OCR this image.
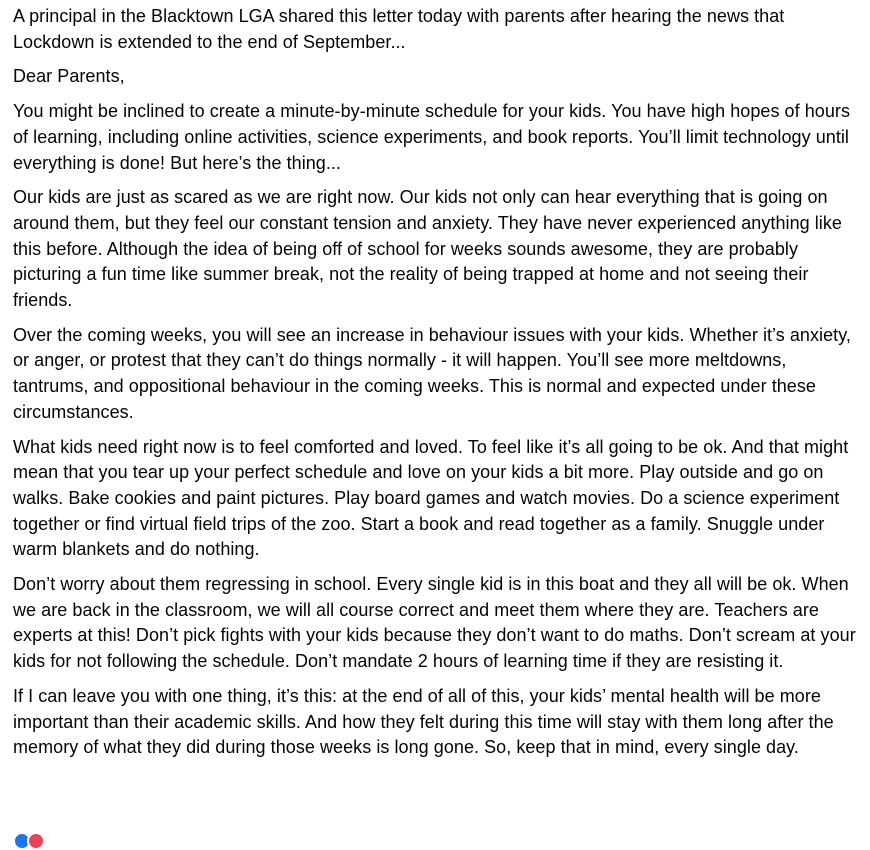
A principal in the Blacktown LGA shared this letter today with parents after hearing the news that Lockdown is extended to the end of September...

Dear Parents,

You might be inclined to create a minute-by-minute schedule for your kids. You have high hopes of hours of learning, including online activities, science experiments, and book reports. You’ll limit technology until everything is done! But here’s the thing...

Our kids are just as scared as we are right now. Our kids not only can hear everything that is going on around them, but they feel our constant tension and anxiety. They have never experienced anything like this before. Although the idea of being off of school for weeks sounds awesome, they are probably picturing a fun time like summer break, not the reality of being trapped at home and not seeing their friends.

Over the coming weeks, you will see an increase in behaviour issues with your kids. Whether it’s anxiety, or anger, or protest that they can’t do things normally - it will happen. You’ll see more meltdowns, tantrums, and oppositional behaviour in the coming weeks. This is normal and expected under these circumstances.

What kids need right now is to feel comforted and loved. To feel like it’s all going to be ok. And that might mean that you tear up your perfect schedule and love on your kids a bit more. Play outside and go on walks. Bake cookies and paint pictures. Play board games and watch movies. Do a science experiment together or find virtual field trips of the zoo. Start a book and read together as a family. Snuggle under warm blankets and do nothing.

Don’t worry about them regressing in school. Every single kid is in this boat and they all will be ok. When we are back in the classroom, we will all course correct and meet them where they are. Teachers are experts at this! Don’t pick fights with your kids because they don’t want to do maths. Don’t scream at your kids for not following the schedule. Don’t mandate 2 hours of learning time if they are resisting it.

If I can leave you with one thing, it’s this: at the end of all of this, your kids’ mental health will be more important than their academic skills. And how they felt during this time will stay with them long after the memory of what they did during those weeks is long gone. So, keep that in mind, every single day.
